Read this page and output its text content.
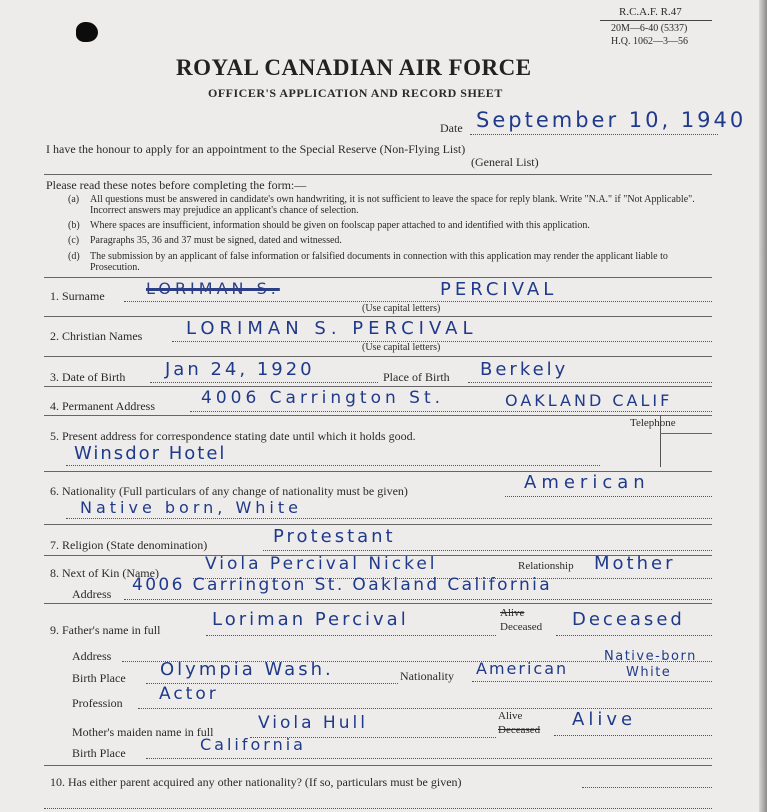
⠀
R.C.A.F. R.47
20M—6-40 (5337)
H.Q. 1062—3—56
ROYAL CANADIAN AIR FORCE
OFFICER'S APPLICATION AND RECORD SHEET
Date September 10, 1940
I have the honour to apply for an appointment to the Special Reserve (Non-Flying List)
(General List)
Please read these notes before completing the form:—
(a) All questions must be answered in candidate's own handwriting, it is not sufficient to leave the space for reply blank. Write "N.A." if "Not Applicable". Incorrect answers may prejudice an applicant's chance of selection.
(b) Where spaces are insufficient, information should be given on foolscap paper attached to and identified with this application.
(c) Paragraphs 35, 36 and 37 must be signed, dated and witnessed.
(d) The submission by an applicant of false information or falsified documents in connection with this application may render the applicant liable to Prosecution.
1. Surname	LORIMAN S.	PERCIVAL
(Use capital letters)
2. Christian Names LORIMAN S. PERCIVAL
(Use capital letters)
3. Date of Birth Jan 24, 1920	Place of Birth Berkely
4. Permanent Address	4006 Carrington St.	OAKLAND CALIF
5. Present address for correspondence stating date until which it holds good.
Telephone
Winsdor Hotel
6. Nationality (Full particulars of any change of nationality must be given)	American
Native born, White
7. Religion (State denomination)	Protestant
8. Next of Kin (Name)	Viola Percival Nickel	Relationship Mother
Address 4006 Carrington St. Oakland California
9. Father's name in full	Loriman Percival	Alive
Deceased Deceased
Address
Birth Place Olympia Wash.	Nationality American
Native-born
White
Profession Actor
Mother's maiden name in full	Viola Hull	Alive
Deceased Alive
Birth Place	California
10. Has either parent acquired any other nationality? (If so, particulars must be given)
